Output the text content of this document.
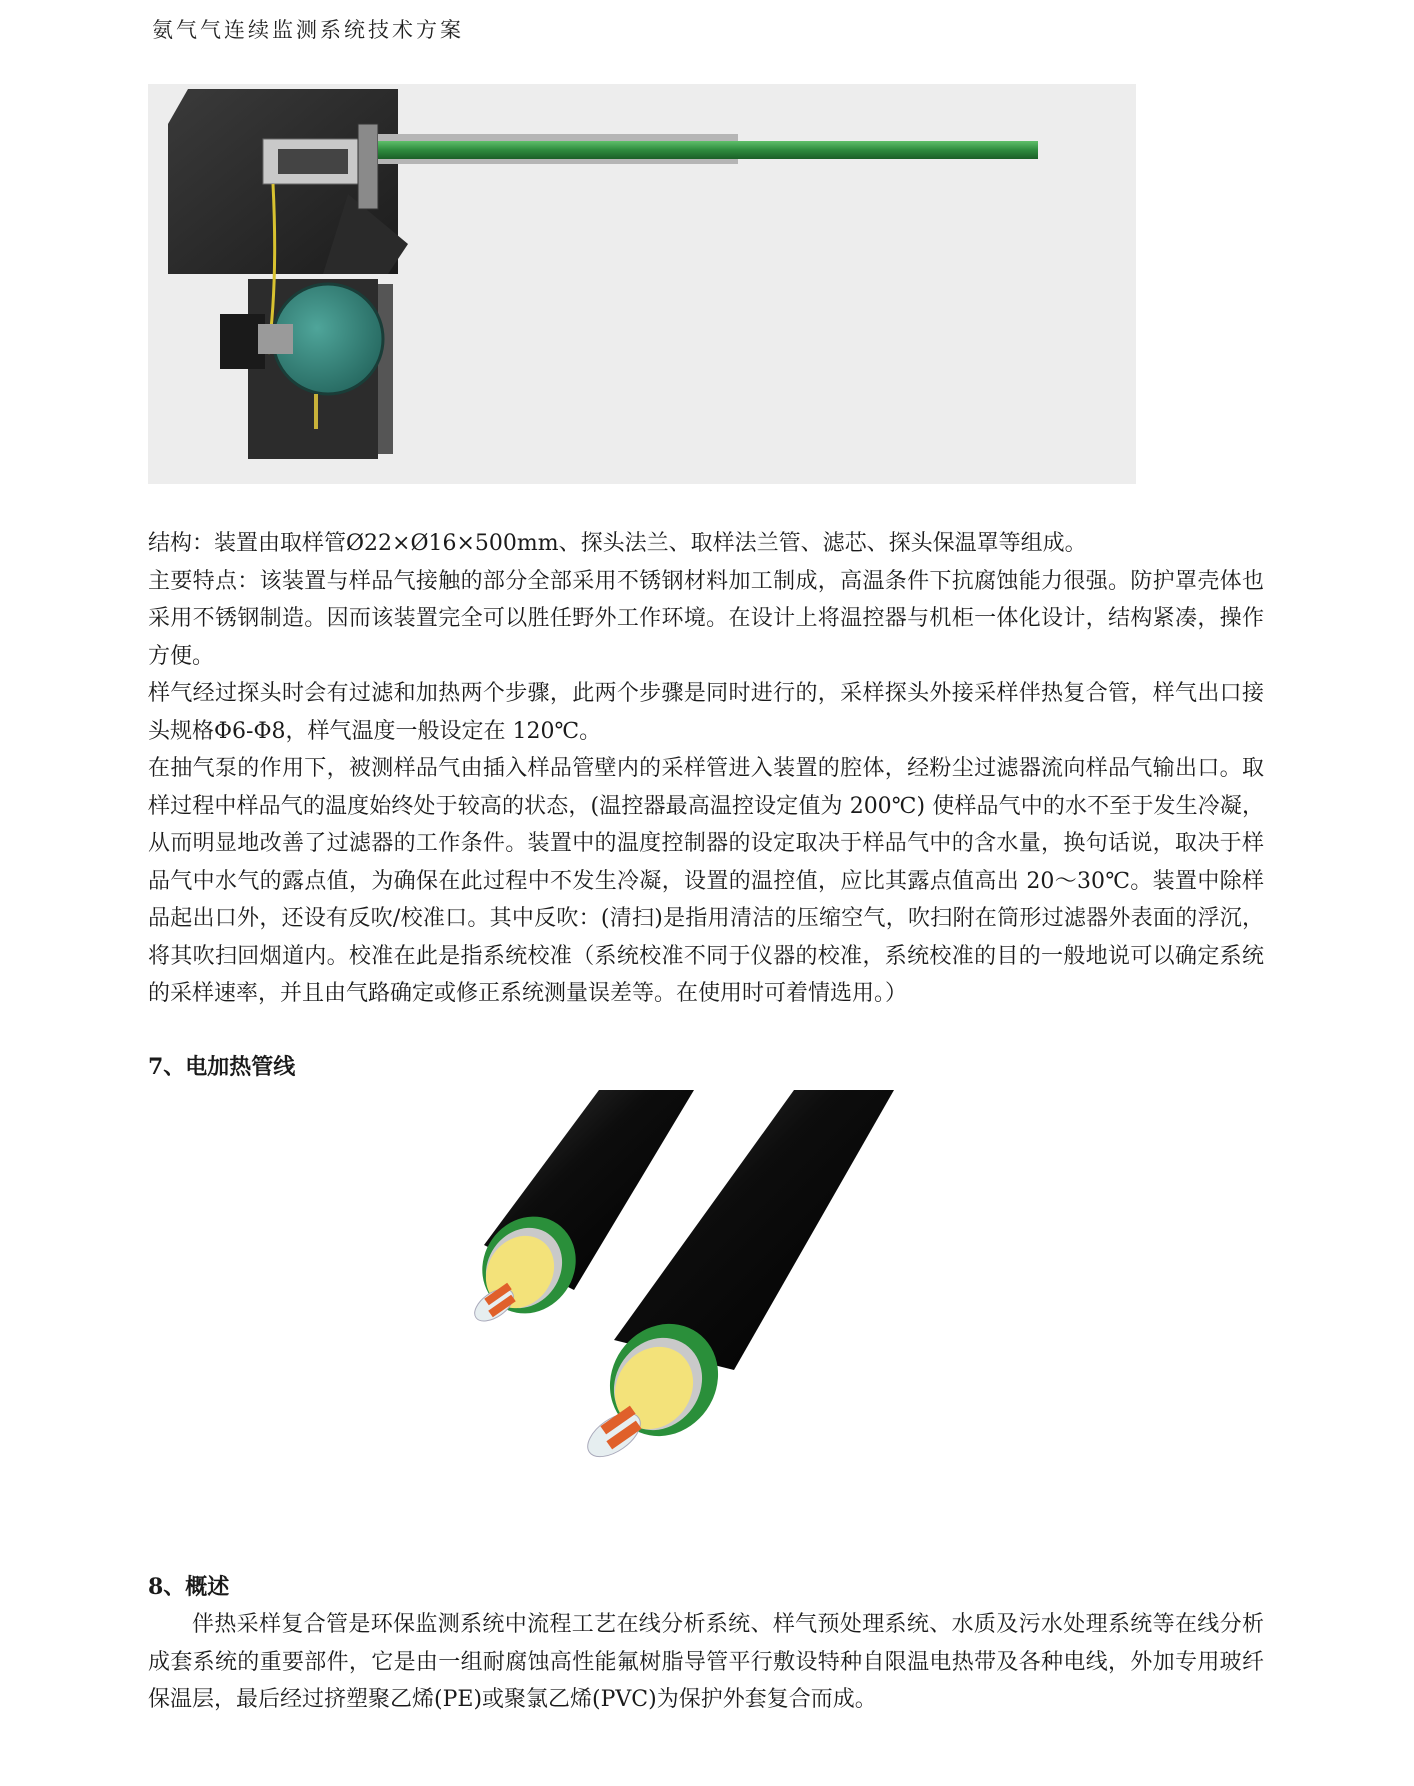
氨气气连续监测系统技术方案

结构：装置由取样管Ø22×Ø16×500mm、探头法兰、取样法兰管、滤芯、探头保温罩等组成。

主要特点：该装置与样品气接触的部分全部采用不锈钢材料加工制成，高温条件下抗腐蚀能力很强。防护罩壳体也采用不锈钢制造。因而该装置完全可以胜任野外工作环境。在设计上将温控器与机柜一体化设计，结构紧凑，操作方便。

样气经过探头时会有过滤和加热两个步骤，此两个步骤是同时进行的，采样探头外接采样伴热复合管，样气出口接头规格Φ6-Φ8，样气温度一般设定在 120℃。

在抽气泵的作用下，被测样品气由插入样品管壁内的采样管进入装置的腔体，经粉尘过滤器流向样品气输出口。取样过程中样品气的温度始终处于较高的状态，(温控器最高温控设定值为 200℃) 使样品气中的水不至于发生冷凝，从而明显地改善了过滤器的工作条件。装置中的温度控制器的设定取决于样品气中的含水量，换句话说，取决于样品气中水气的露点值，为确保在此过程中不发生冷凝，设置的温控值，应比其露点值高出 20～30℃。装置中除样品起出口外，还设有反吹/校准口。其中反吹：(清扫)是指用清洁的压缩空气，吹扫附在筒形过滤器外表面的浮沉，将其吹扫回烟道内。校准在此是指系统校准（系统校准不同于仪器的校准，系统校准的目的一般地说可以确定系统的采样速率，并且由气路确定或修正系统测量误差等。在使用时可着情选用。）

7、电加热管线
8、概述

伴热采样复合管是环保监测系统中流程工艺在线分析系统、样气预处理系统、水质及污水处理系统等在线分析成套系统的重要部件，它是由一组耐腐蚀高性能氟树脂导管平行敷设特种自限温电热带及各种电线，外加专用玻纤保温层，最后经过挤塑聚乙烯(PE)或聚氯乙烯(PVC)为保护外套复合而成。
